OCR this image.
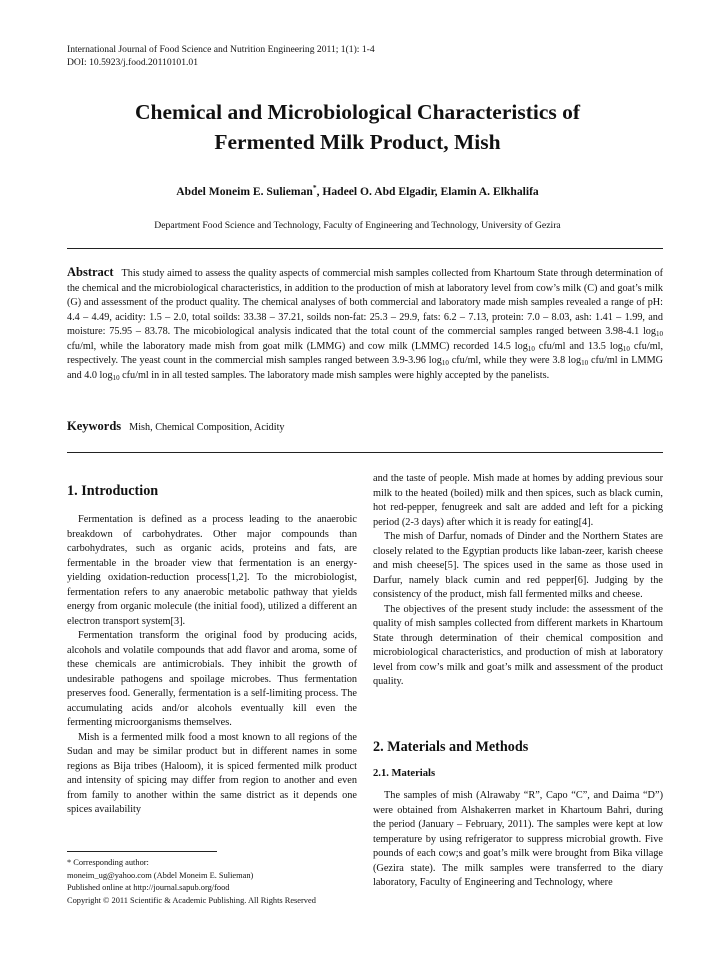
International Journal of Food Science and Nutrition Engineering 2011; 1(1): 1-4
DOI: 10.5923/j.food.20110101.01
Chemical and Microbiological Characteristics of
Fermented Milk Product, Mish
Abdel Moneim E. Sulieman*, Hadeel O. Abd Elgadir, Elamin A. Elkhalifa
Department Food Science and Technology, Faculty of Engineering and Technology, University of Gezira
Abstract This study aimed to assess the quality aspects of commercial mish samples collected from Khartoum State through determination of the chemical and the microbiological characteristics, in addition to the production of mish at laboratory level from cow’s milk (C) and goat’s milk (G) and assessment of the product quality. The chemical analyses of both commercial and laboratory made mish samples revealed a range of pH: 4.4 – 4.49, acidity: 1.5 – 2.0, total soilds: 33.38 – 37.21, soilds non-fat: 25.3 – 29.9, fats: 6.2 – 7.13, protein: 7.0 – 8.03, ash: 1.41 – 1.99, and moisture: 75.95 – 83.78. The micobiological analysis indicated that the total count of the commercial samples ranged between 3.98-4.1 $\log_{10} cfu/ml$, while the laboratory made mish from goat milk (LMMG) and cow milk (LMMC) recorded 14.5 $\log_{10} cfu/ml$ and 13.5 $\log_{10} cfu/ml$, respectively. The yeast count in the commercial mish samples ranged between 3.9-3.96 $\log_{10} cfu/ml$, while they were 3.8 $\log_{10} cfu/ml$ in LMMG and 4.0 $\log_{10} cfu/ml$ in in all tested samples. The laboratory made mish samples were highly accepted by the panelists.
Keywords Mish, Chemical Composition, Acidity
1. Introduction

Fermentation is defined as a process leading to the anaerobic breakdown of carbohydrates. Other major compounds than carbohydrates, such as organic acids, proteins and fats, are fermentable in the broader view that fermentation is an energy-yielding oxidation-reduction process[1,2]. To the microbiologist, fermentation refers to any anaerobic metabolic pathway that yields energy from organic molecule (the initial food), utilized a different an electron transport system[3].

Fermentation transform the original food by producing acids, alcohols and volatile compounds that add flavor and aroma, some of these chemicals are antimicrobials. They inhibit the growth of undesirable pathogens and spoilage microbes. Thus fermentation preserves food. Generally, fermentation is a self-limiting process. The accumulating acids and/or alcohols eventually kill even the fermenting microorganisms themselves.

Mish is a fermented milk food a most known to all regions of the Sudan and may be similar product but in different names in some regions as Bija tribes (Haloom), it is spiced fermented milk product and intensity of spicing may differ from region to another and even from family to another within the same district as it depends one spices availability

* Corresponding author:
moneim_ug@yahoo.com (Abdel Moneim E. Sulieman)
Published online at http://journal.sapub.org/food
Copyright © 2011 Scientific & Academic Publishing. All Rights Reserved

and the taste of people. Mish made at homes by adding previous sour milk to the heated (boiled) milk and then spices, such as black cumin, hot red-pepper, fenugreek and salt are added and left for a picking period (2-3 days) after which it is ready for eating[4].

The mish of Darfur, nomads of Dinder and the Northern States are closely related to the Egyptian products like laban-zeer, karish cheese and mish cheese[5]. The spices used in the same as those used in Darfur, namely black cumin and red pepper[6]. Judging by the consistency of the product, mish fall fermented milks and cheese.

The objectives of the present study include: the assessment of the quality of mish samples collected from different markets in Khartoum State through determination of their chemical composition and microbiological characteristics, and production of mish at laboratory level from cow’s milk and goat’s milk and assessment of the product quality.

2. Materials and Methods
2.1. Materials

The samples of mish (Alrawaby “R”, Capo “C”, and Daima “D”) were obtained from Alshakerren market in Khartoum Bahri, during the period (January – February, 2011). The samples were kept at low temperature by using refrigerator to suppress microbial growth. Five pounds of each cow;s and goat’s milk were brought from Bika village (Gezira state). The milk samples were transferred to the diary laboratory, Faculty of Engineering and Technology, where
